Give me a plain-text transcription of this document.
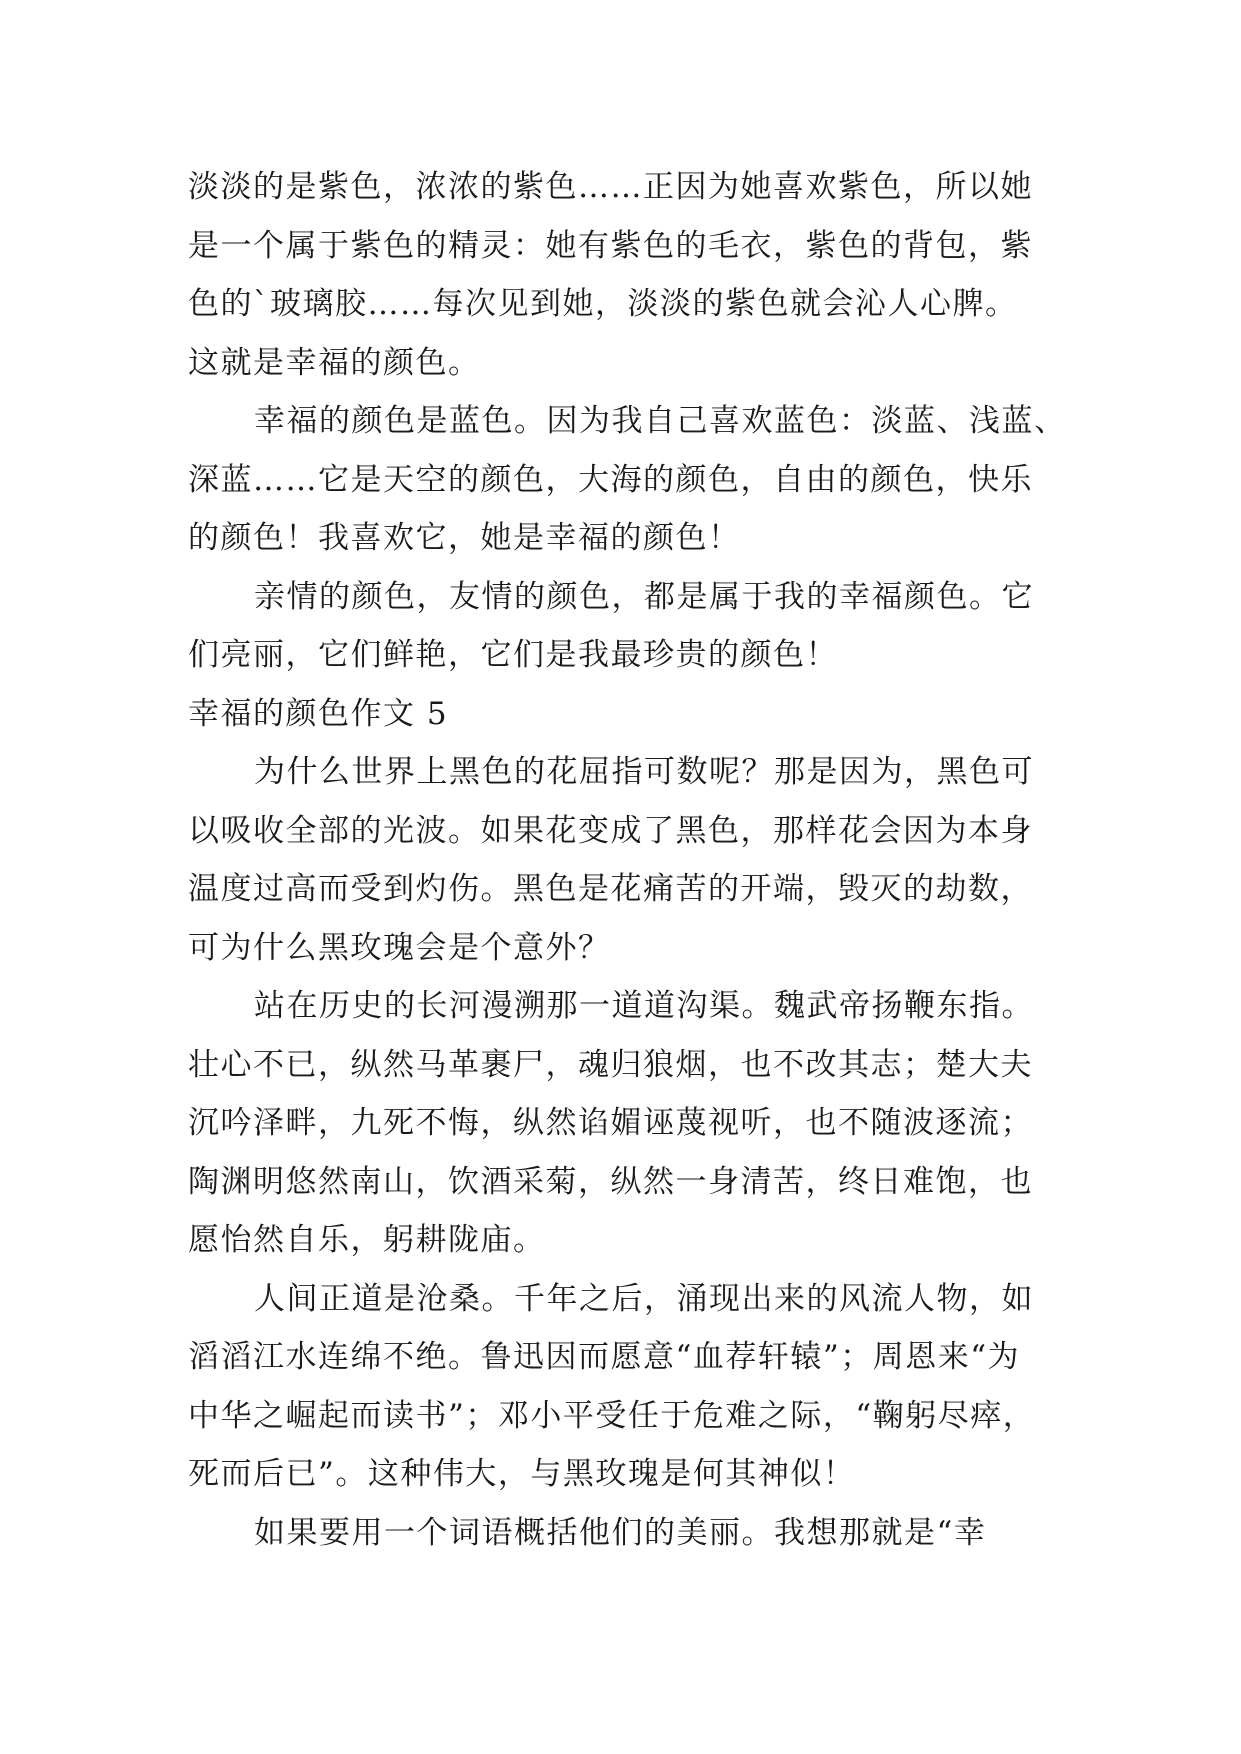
淡淡的是紫色，浓浓的紫色……正因为她喜欢紫色，所以她
是一个属于紫色的精灵：她有紫色的毛衣，紫色的背包，紫
色的`玻璃胶……每次见到她，淡淡的紫色就会沁人心脾。
这就是幸福的颜色。
幸福的颜色是蓝色。因为我自己喜欢蓝色：淡蓝、浅蓝、
深蓝……它是天空的颜色，大海的颜色，自由的颜色，快乐
的颜色！我喜欢它，她是幸福的颜色！
亲情的颜色，友情的颜色，都是属于我的幸福颜色。它
们亮丽，它们鲜艳，它们是我最珍贵的颜色！
幸福的颜色作文 5
为什么世界上黑色的花屈指可数呢？那是因为，黑色可
以吸收全部的光波。如果花变成了黑色，那样花会因为本身
温度过高而受到灼伤。黑色是花痛苦的开端，毁灭的劫数，
可为什么黑玫瑰会是个意外？
站在历史的长河漫溯那一道道沟渠。魏武帝扬鞭东指。
壮心不已，纵然马革裹尸，魂归狼烟，也不改其志；楚大夫
沉吟泽畔，九死不悔，纵然谄媚诬蔑视听，也不随波逐流；
陶渊明悠然南山，饮酒采菊，纵然一身清苦，终日难饱，也
愿怡然自乐，躬耕陇庙。
人间正道是沧桑。千年之后，涌现出来的风流人物，如
滔滔江水连绵不绝。鲁迅因而愿意“血荐轩辕”；周恩来“为
中华之崛起而读书”；邓小平受任于危难之际，“鞠躬尽瘁，
死而后已”。这种伟大，与黑玫瑰是何其神似！
如果要用一个词语概括他们的美丽。我想那就是“幸
